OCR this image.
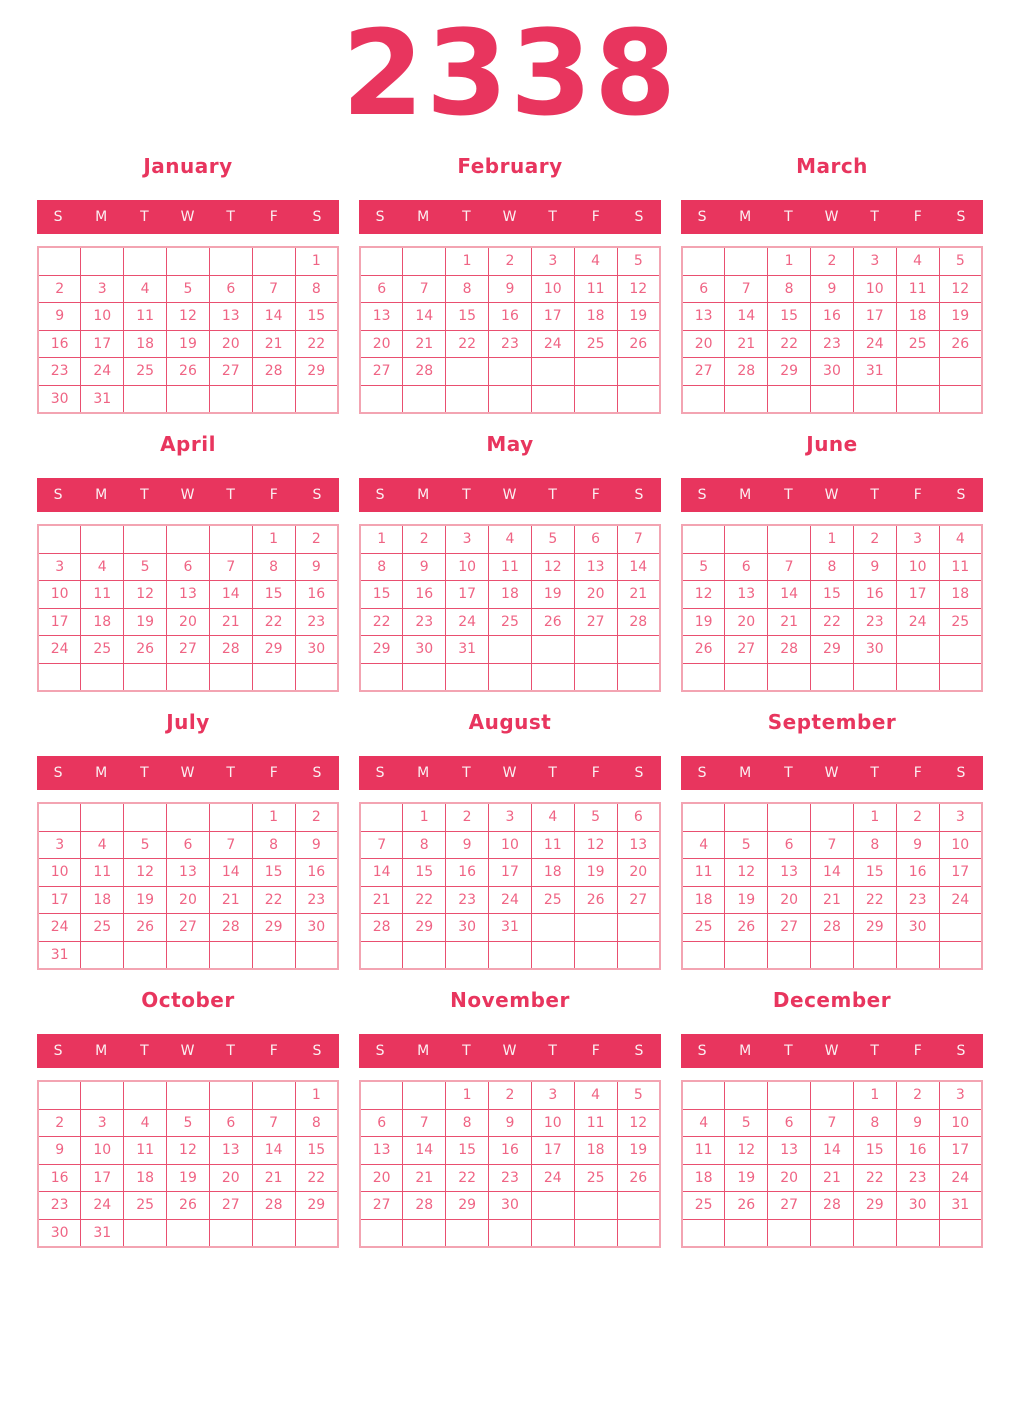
2338
January
S	M	T	W	T	F	S
						1
2	3	4	5	6	7	8
9	10	11	12	13	14	15
16	17	18	19	20	21	22
23	24	25	26	27	28	29
30	31					
February
S	M	T	W	T	F	S
		1	2	3	4	5
6	7	8	9	10	11	12
13	14	15	16	17	18	19
20	21	22	23	24	25	26
27	28					

March
S	M	T	W	T	F	S
		1	2	3	4	5
6	7	8	9	10	11	12
13	14	15	16	17	18	19
20	21	22	23	24	25	26
27	28	29	30	31		

April
S	M	T	W	T	F	S
					1	2
3	4	5	6	7	8	9
10	11	12	13	14	15	16
17	18	19	20	21	22	23
24	25	26	27	28	29	30

May
S	M	T	W	T	F	S
1	2	3	4	5	6	7
8	9	10	11	12	13	14
15	16	17	18	19	20	21
22	23	24	25	26	27	28
29	30	31				

June
S	M	T	W	T	F	S
			1	2	3	4
5	6	7	8	9	10	11
12	13	14	15	16	17	18
19	20	21	22	23	24	25
26	27	28	29	30		

July
S	M	T	W	T	F	S
					1	2
3	4	5	6	7	8	9
10	11	12	13	14	15	16
17	18	19	20	21	22	23
24	25	26	27	28	29	30
31						
August
S	M	T	W	T	F	S
	1	2	3	4	5	6
7	8	9	10	11	12	13
14	15	16	17	18	19	20
21	22	23	24	25	26	27
28	29	30	31			

September
S	M	T	W	T	F	S
				1	2	3
4	5	6	7	8	9	10
11	12	13	14	15	16	17
18	19	20	21	22	23	24
25	26	27	28	29	30	

October
S	M	T	W	T	F	S
						1
2	3	4	5	6	7	8
9	10	11	12	13	14	15
16	17	18	19	20	21	22
23	24	25	26	27	28	29
30	31					
November
S	M	T	W	T	F	S
		1	2	3	4	5
6	7	8	9	10	11	12
13	14	15	16	17	18	19
20	21	22	23	24	25	26
27	28	29	30			

December
S	M	T	W	T	F	S
				1	2	3
4	5	6	7	8	9	10
11	12	13	14	15	16	17
18	19	20	21	22	23	24
25	26	27	28	29	30	31
